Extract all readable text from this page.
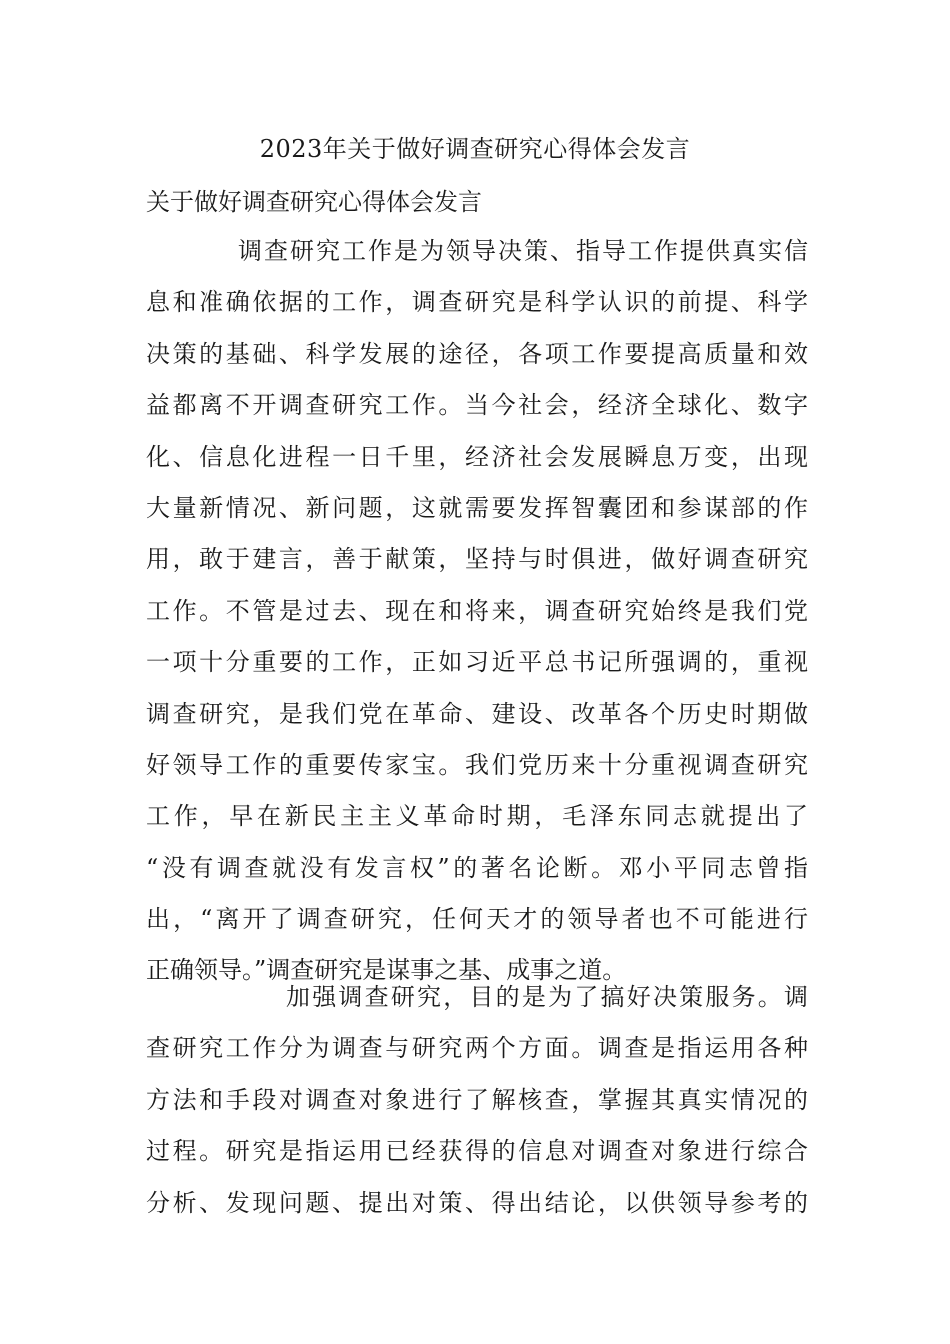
2023年关于做好调查研究心得体会发言
关于做好调查研究心得体会发言
调查研究工作是为领导决策、指导工作提供真实信
息和准确依据的工作，调查研究是科学认识的前提、科学
决策的基础、科学发展的途径，各项工作要提高质量和效
益都离不开调查研究工作。当今社会，经济全球化、数字
化、信息化进程一日千里，经济社会发展瞬息万变，出现
大量新情况、新问题，这就需要发挥智囊团和参谋部的作
用，敢于建言，善于献策，坚持与时俱进，做好调查研究
工作。不管是过去、现在和将来，调查研究始终是我们党
一项十分重要的工作，正如习近平总书记所强调的，重视
调查研究，是我们党在革命、建设、改革各个历史时期做
好领导工作的重要传家宝。我们党历来十分重视调查研究
工作，早在新民主主义革命时期，毛泽东同志就提出了
“没有调查就没有发言权”的著名论断。邓小平同志曾指
出，“离开了调查研究，任何天才的领导者也不可能进行
正确领导。”调查研究是谋事之基、成事之道。
加强调查研究，目的是为了搞好决策服务。调
查研究工作分为调查与研究两个方面。调查是指运用各种
方法和手段对调查对象进行了解核查，掌握其真实情况的
过程。研究是指运用已经获得的信息对调查对象进行综合
分析、发现问题、提出对策、得出结论，以供领导参考的
